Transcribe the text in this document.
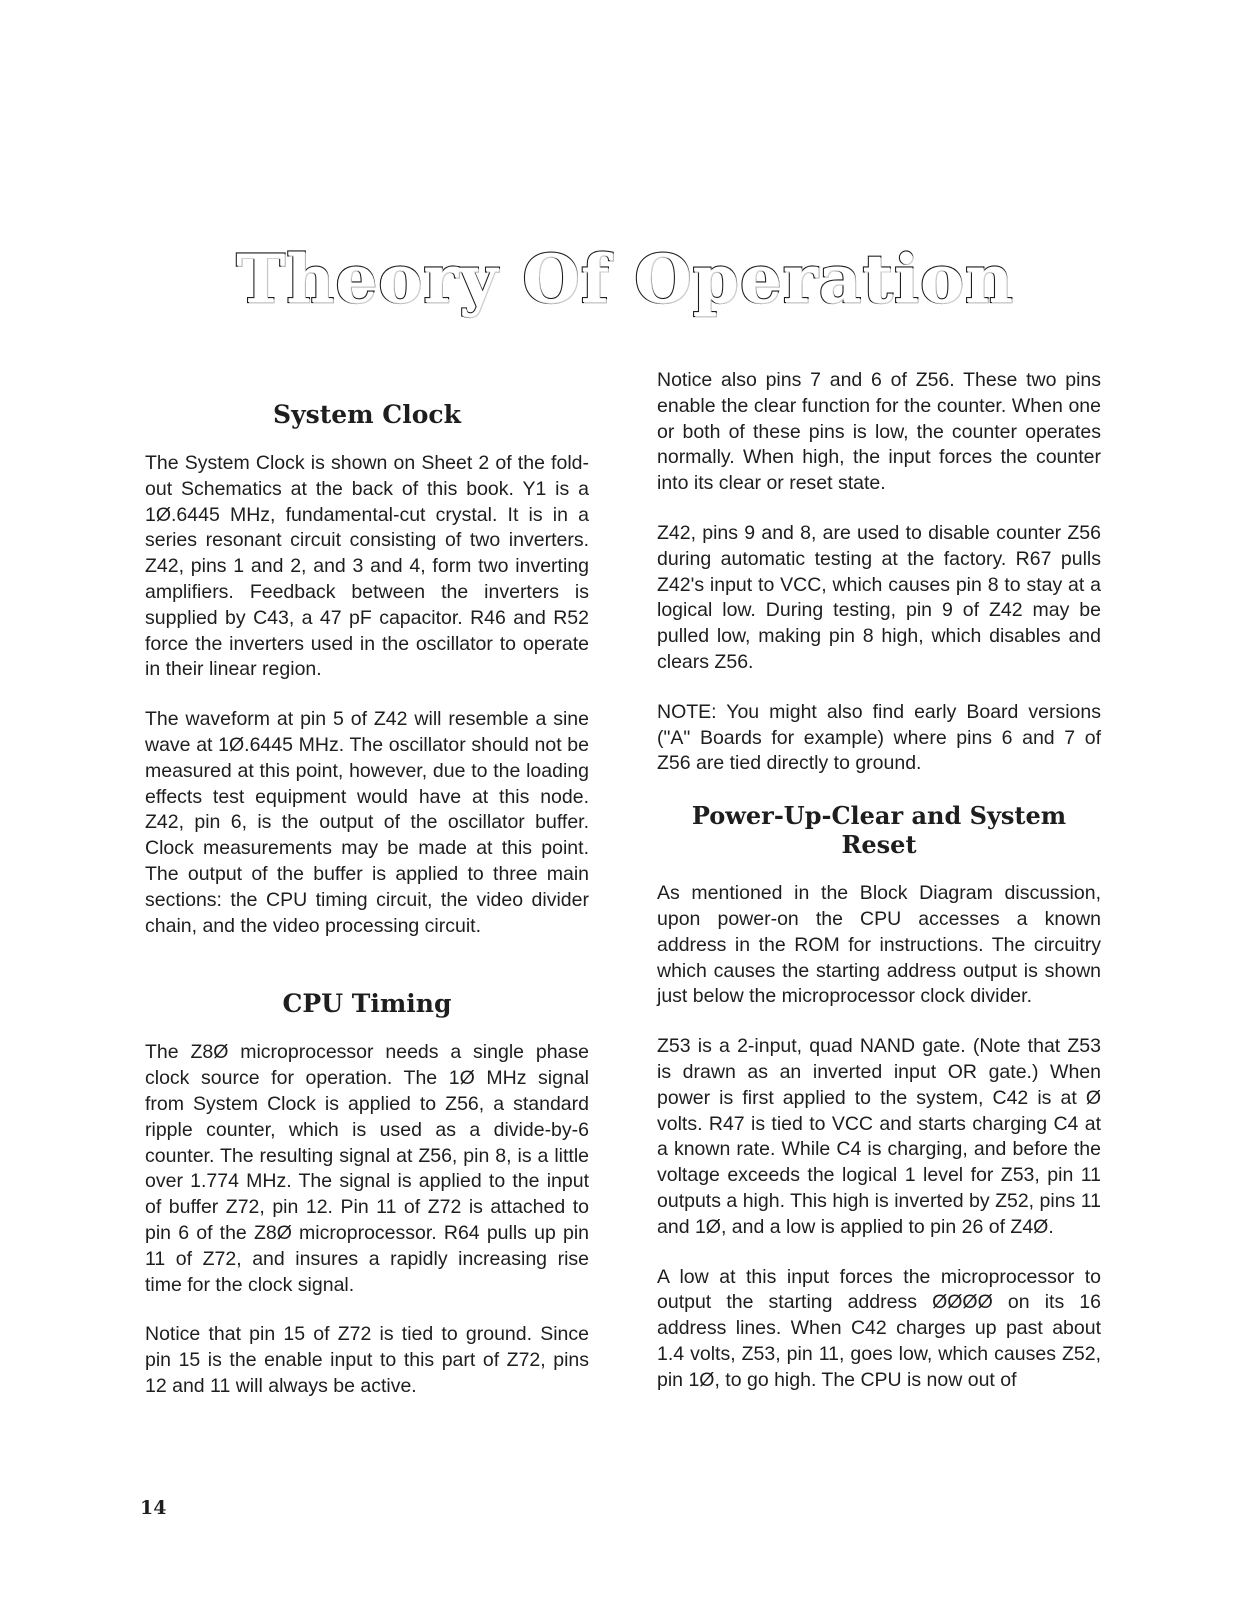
Theory Of Operation
System Clock

The System Clock is shown on Sheet 2 of the fold-out Schematics at the back of this book. Y1 is a 1Ø.6445 MHz, fundamental-cut crystal. It is in a series resonant circuit consisting of two inverters. Z42, pins 1 and 2, and 3 and 4, form two inverting amplifiers. Feedback between the inverters is supplied by C43, a 47 pF capacitor. R46 and R52 force the inverters used in the oscillator to operate in their linear region.

The waveform at pin 5 of Z42 will resemble a sine wave at 1Ø.6445 MHz. The oscillator should not be measured at this point, however, due to the loading effects test equipment would have at this node. Z42, pin 6, is the output of the oscillator buffer. Clock measurements may be made at this point. The output of the buffer is applied to three main sections: the CPU timing circuit, the video divider chain, and the video processing circuit.

CPU Timing

The Z8Ø microprocessor needs a single phase clock source for operation. The 1Ø MHz signal from System Clock is applied to Z56, a standard ripple counter, which is used as a divide-by-6 counter. The resulting signal at Z56, pin 8, is a little over 1.774 MHz. The signal is applied to the input of buffer Z72, pin 12. Pin 11 of Z72 is attached to pin 6 of the Z8Ø microprocessor. R64 pulls up pin 11 of Z72, and insures a rapidly increasing rise time for the clock signal.

Notice that pin 15 of Z72 is tied to ground. Since pin 15 is the enable input to this part of Z72, pins 12 and 11 will always be active.

Notice also pins 7 and 6 of Z56. These two pins enable the clear function for the counter. When one or both of these pins is low, the counter operates normally. When high, the input forces the counter into its clear or reset state.

Z42, pins 9 and 8, are used to disable counter Z56 during automatic testing at the factory. R67 pulls Z42's input to VCC, which causes pin 8 to stay at a logical low. During testing, pin 9 of Z42 may be pulled low, making pin 8 high, which disables and clears Z56.

NOTE: You might also find early Board versions ("A" Boards for example) where pins 6 and 7 of Z56 are tied directly to ground.

Power-Up-Clear and System Reset

As mentioned in the Block Diagram discussion, upon power-on the CPU accesses a known address in the ROM for instructions. The circuitry which causes the starting address output is shown just below the microprocessor clock divider.

Z53 is a 2-input, quad NAND gate. (Note that Z53 is drawn as an inverted input OR gate.) When power is first applied to the system, C42 is at Ø volts. R47 is tied to VCC and starts charging C4 at a known rate. While C4 is charging, and before the voltage exceeds the logical 1 level for Z53, pin 11 outputs a high. This high is inverted by Z52, pins 11 and 1Ø, and a low is applied to pin 26 of Z4Ø.

A low at this input forces the microprocessor to output the starting address ØØØØ on its 16 address lines. When C42 charges up past about 1.4 volts, Z53, pin 11, goes low, which causes Z52, pin 1Ø, to go high. The CPU is now out of

14
